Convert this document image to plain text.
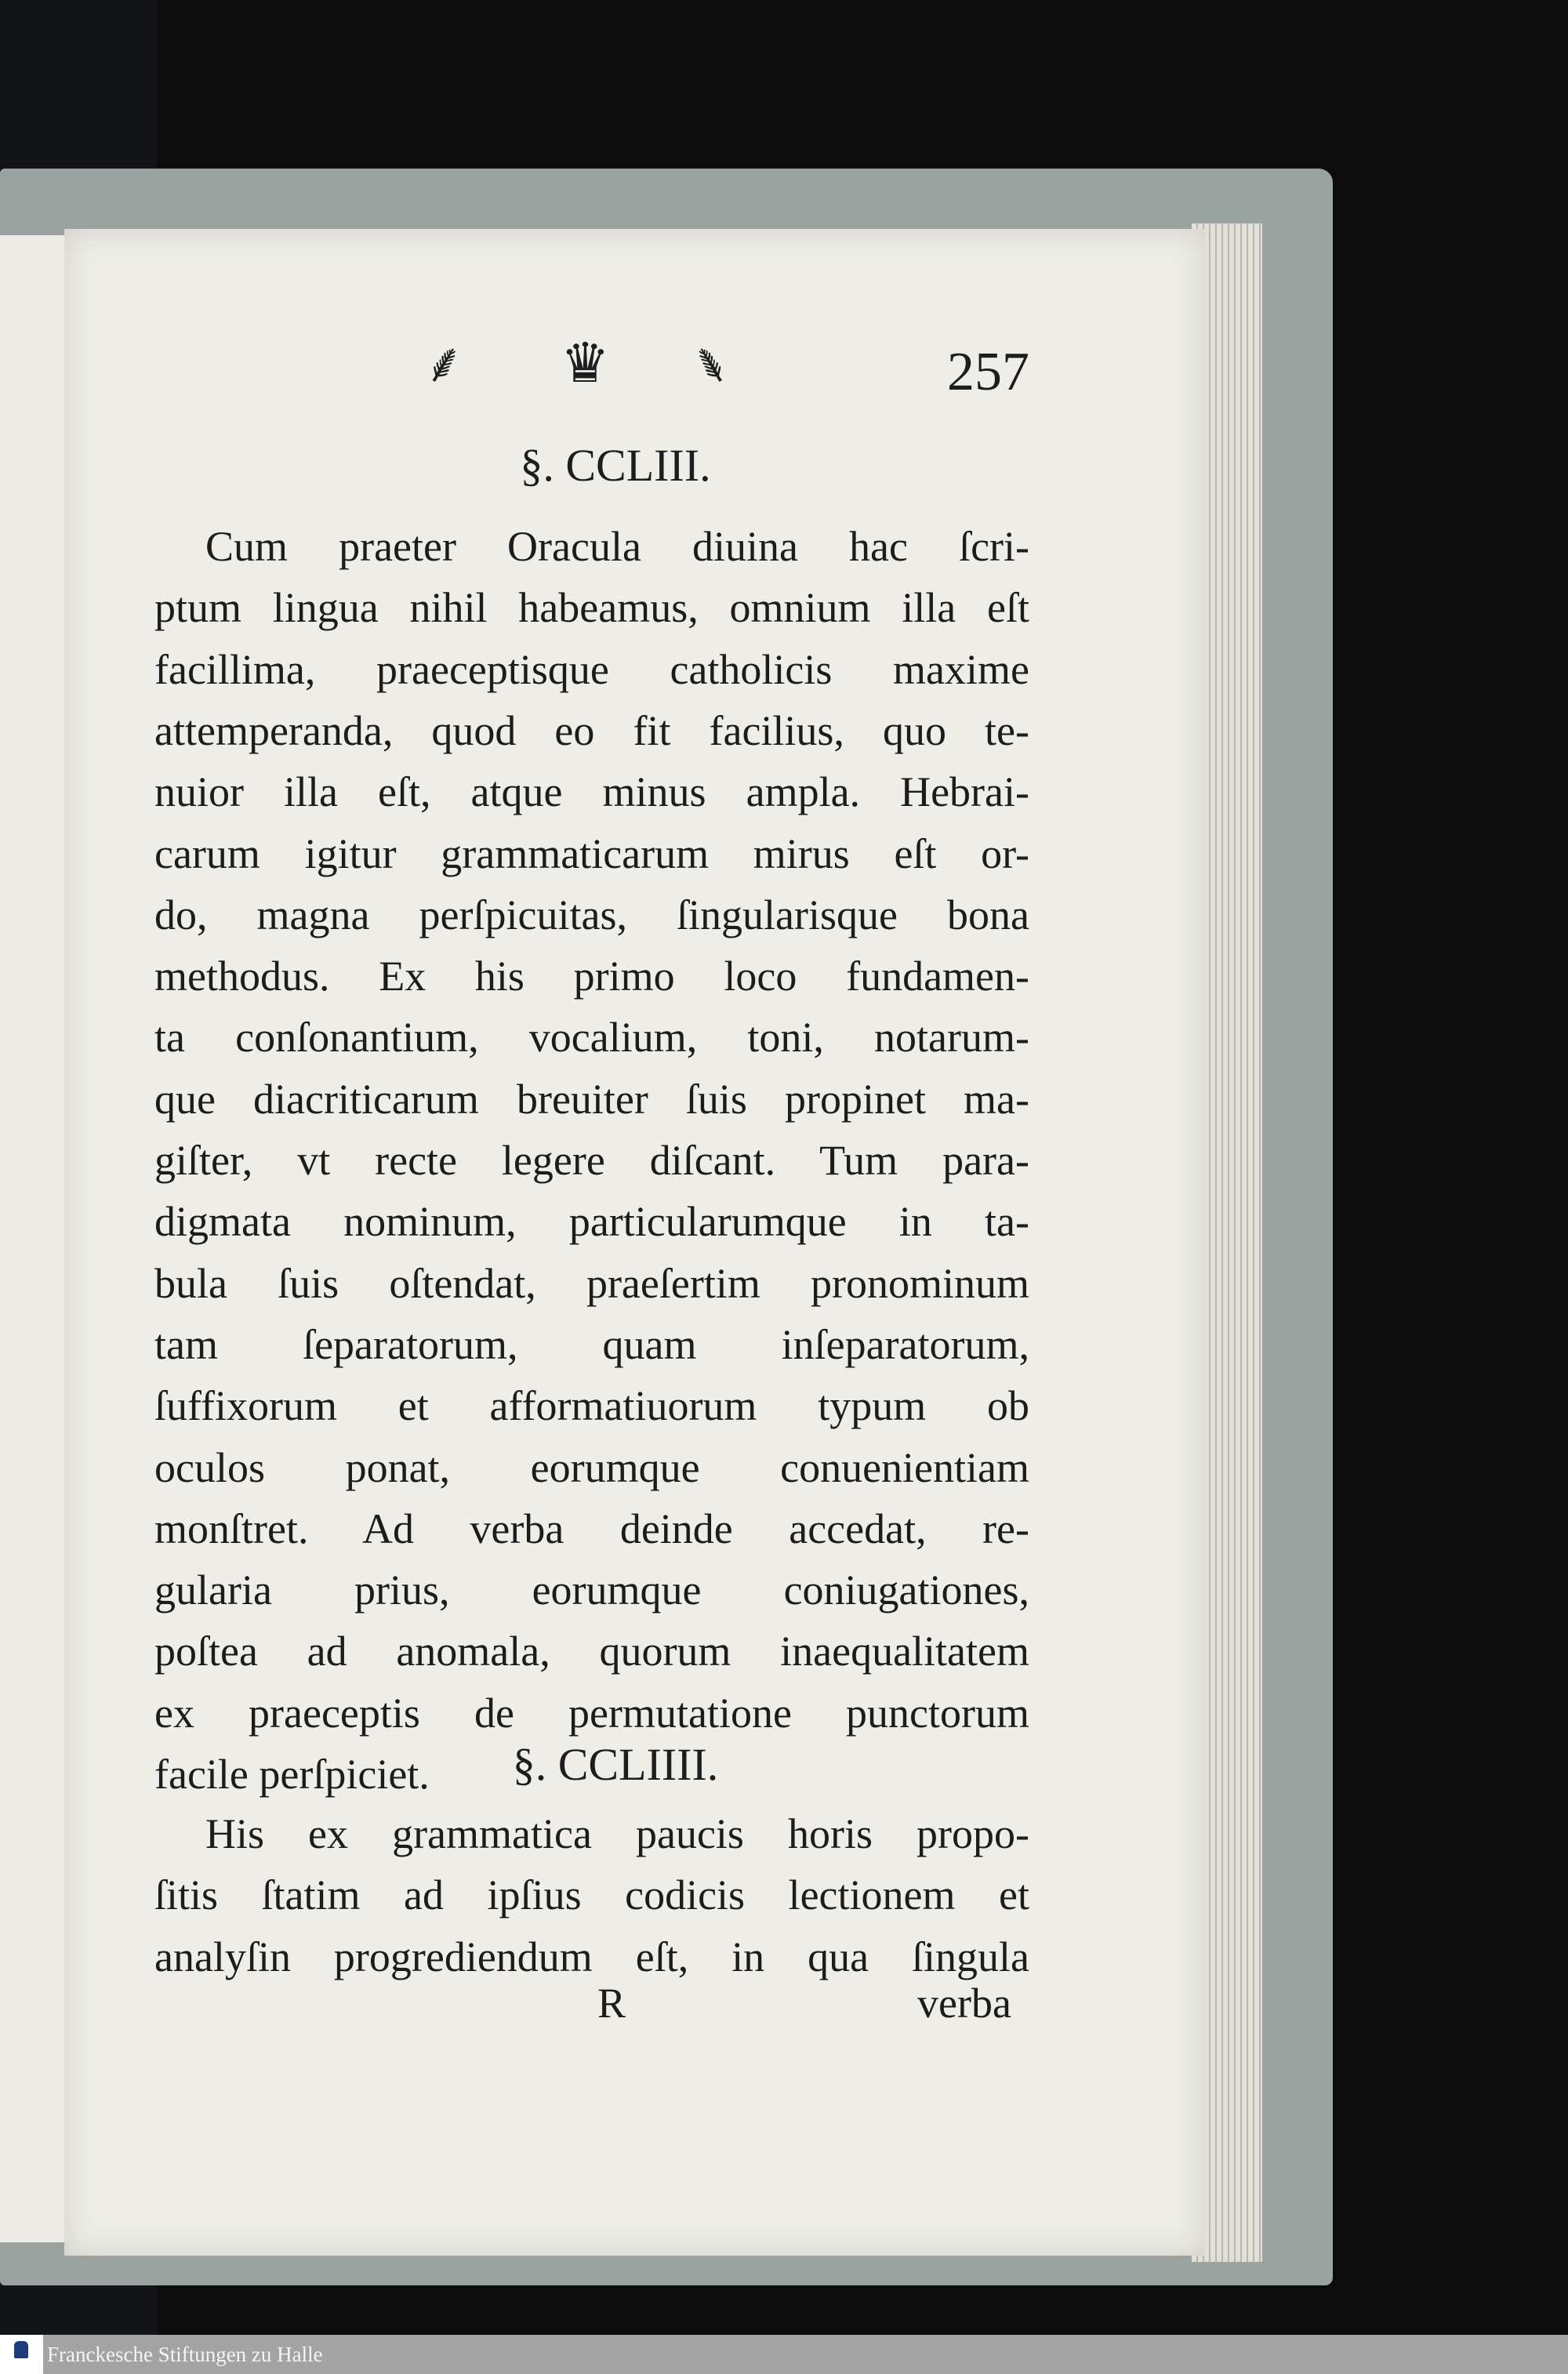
⸙ ♛ ⸙	257
§. CCLIII.
Cum praeter Oracula diuina hac ſcri-
ptum lingua nihil habeamus, omnium illa eſt
facillima, praeceptisque catholicis maxime
attemperanda, quod eo fit facilius, quo te-
nuior illa eſt, atque minus ampla. Hebrai-
carum igitur grammaticarum mirus eſt or-
do, magna perſpicuitas, ſingularisque bona
methodus. Ex his primo loco fundamen-
ta conſonantium, vocalium, toni, notarum-
que diacriticarum breuiter ſuis propinet ma-
giſter, vt recte legere diſcant. Tum para-
digmata nominum, particularumque in ta-
bula ſuis oſtendat, praeſertim pronominum
tam ſeparatorum, quam inſeparatorum,
ſuffixorum et afformatiuorum typum ob
oculos ponat, eorumque conuenientiam
monſtret. Ad verba deinde accedat, re-
gularia prius, eorumque coniugationes,
poſtea ad anomala, quorum inaequalitatem
ex praeceptis de permutatione punctorum
facile perſpiciet.	§. CCLIIII.
His ex grammatica paucis horis propo-
ſitis ſtatim ad ipſius codicis lectionem et
analyſin progrediendum eſt, in qua ſingula
R	verba
Franckesche Stiftungen zu Halle
